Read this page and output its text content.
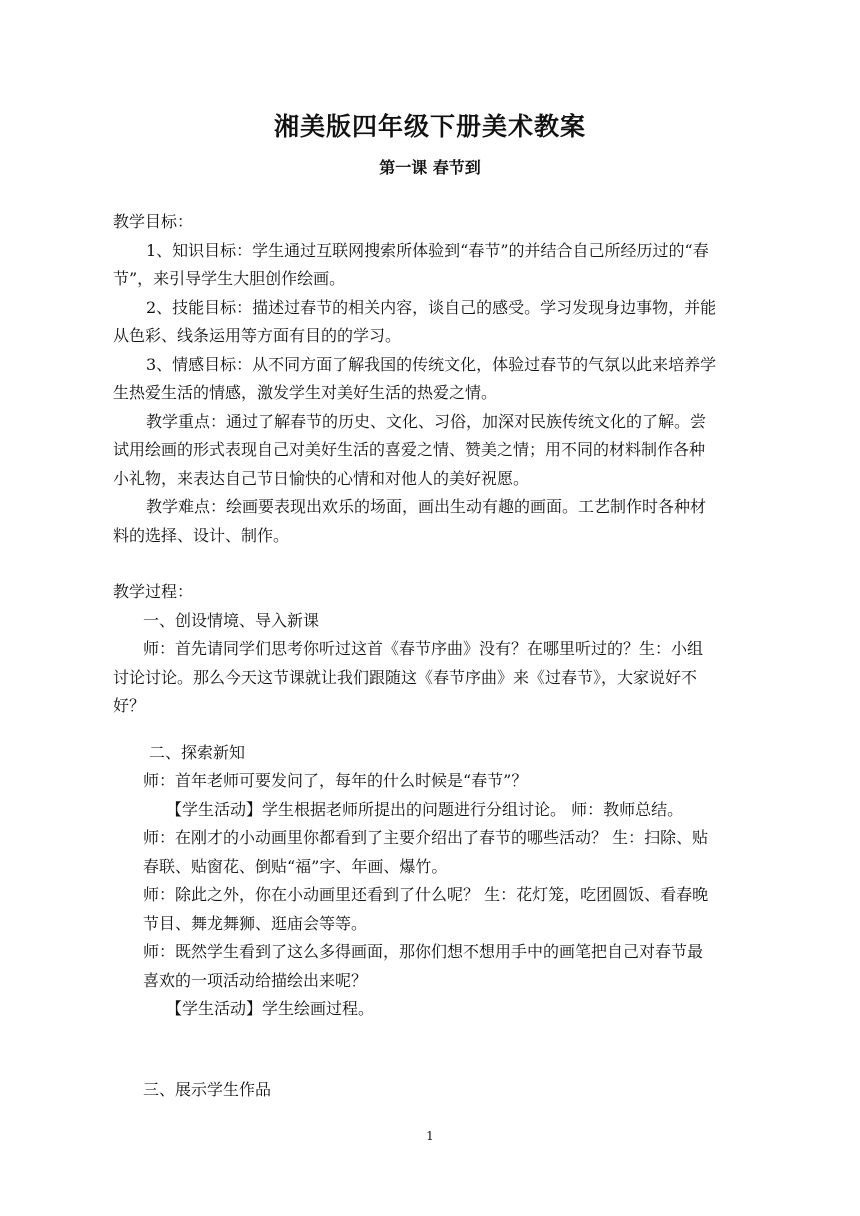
湘美版四年级下册美术教案
第一课 春节到
教学目标：
1、知识目标：学生通过互联网搜索所体验到“春节”的并结合自己所经历过的“春
节”，来引导学生大胆创作绘画。
2、技能目标：描述过春节的相关内容，谈自己的感受。学习发现身边事物，并能
从色彩、线条运用等方面有目的的学习。
3、情感目标：从不同方面了解我国的传统文化，体验过春节的气氛以此来培养学
生热爱生活的情感，激发学生对美好生活的热爱之情。
教学重点：通过了解春节的历史、文化、习俗，加深对民族传统文化的了解。尝
试用绘画的形式表现自己对美好生活的喜爱之情、赞美之情；用不同的材料制作各种
小礼物，来表达自己节日愉快的心情和对他人的美好祝愿。
教学难点：绘画要表现出欢乐的场面，画出生动有趣的画面。工艺制作时各种材
料的选择、设计、制作。
教学过程：
一、创设情境、导入新课
师：首先请同学们思考你听过这首《春节序曲》没有？在哪里听过的？生：小组
讨论讨论。那么今天这节课就让我们跟随这《春节序曲》来《过春节》，大家说好不
好？
二、探索新知
师：首年老师可要发问了，每年的什么时候是“春节”？
【学生活动】学生根据老师所提出的问题进行分组讨论。 师：教师总结。
师：在刚才的小动画里你都看到了主要介绍出了春节的哪些活动？ 生：扫除、贴
春联、贴窗花、倒贴“福”字、年画、爆竹。
师：除此之外，你在小动画里还看到了什么呢？ 生：花灯笼，吃团圆饭、看春晚
节目、舞龙舞狮、逛庙会等等。
师：既然学生看到了这么多得画面，那你们想不想用手中的画笔把自己对春节最
喜欢的一项活动给描绘出来呢？
【学生活动】学生绘画过程。
三、展示学生作品
1
